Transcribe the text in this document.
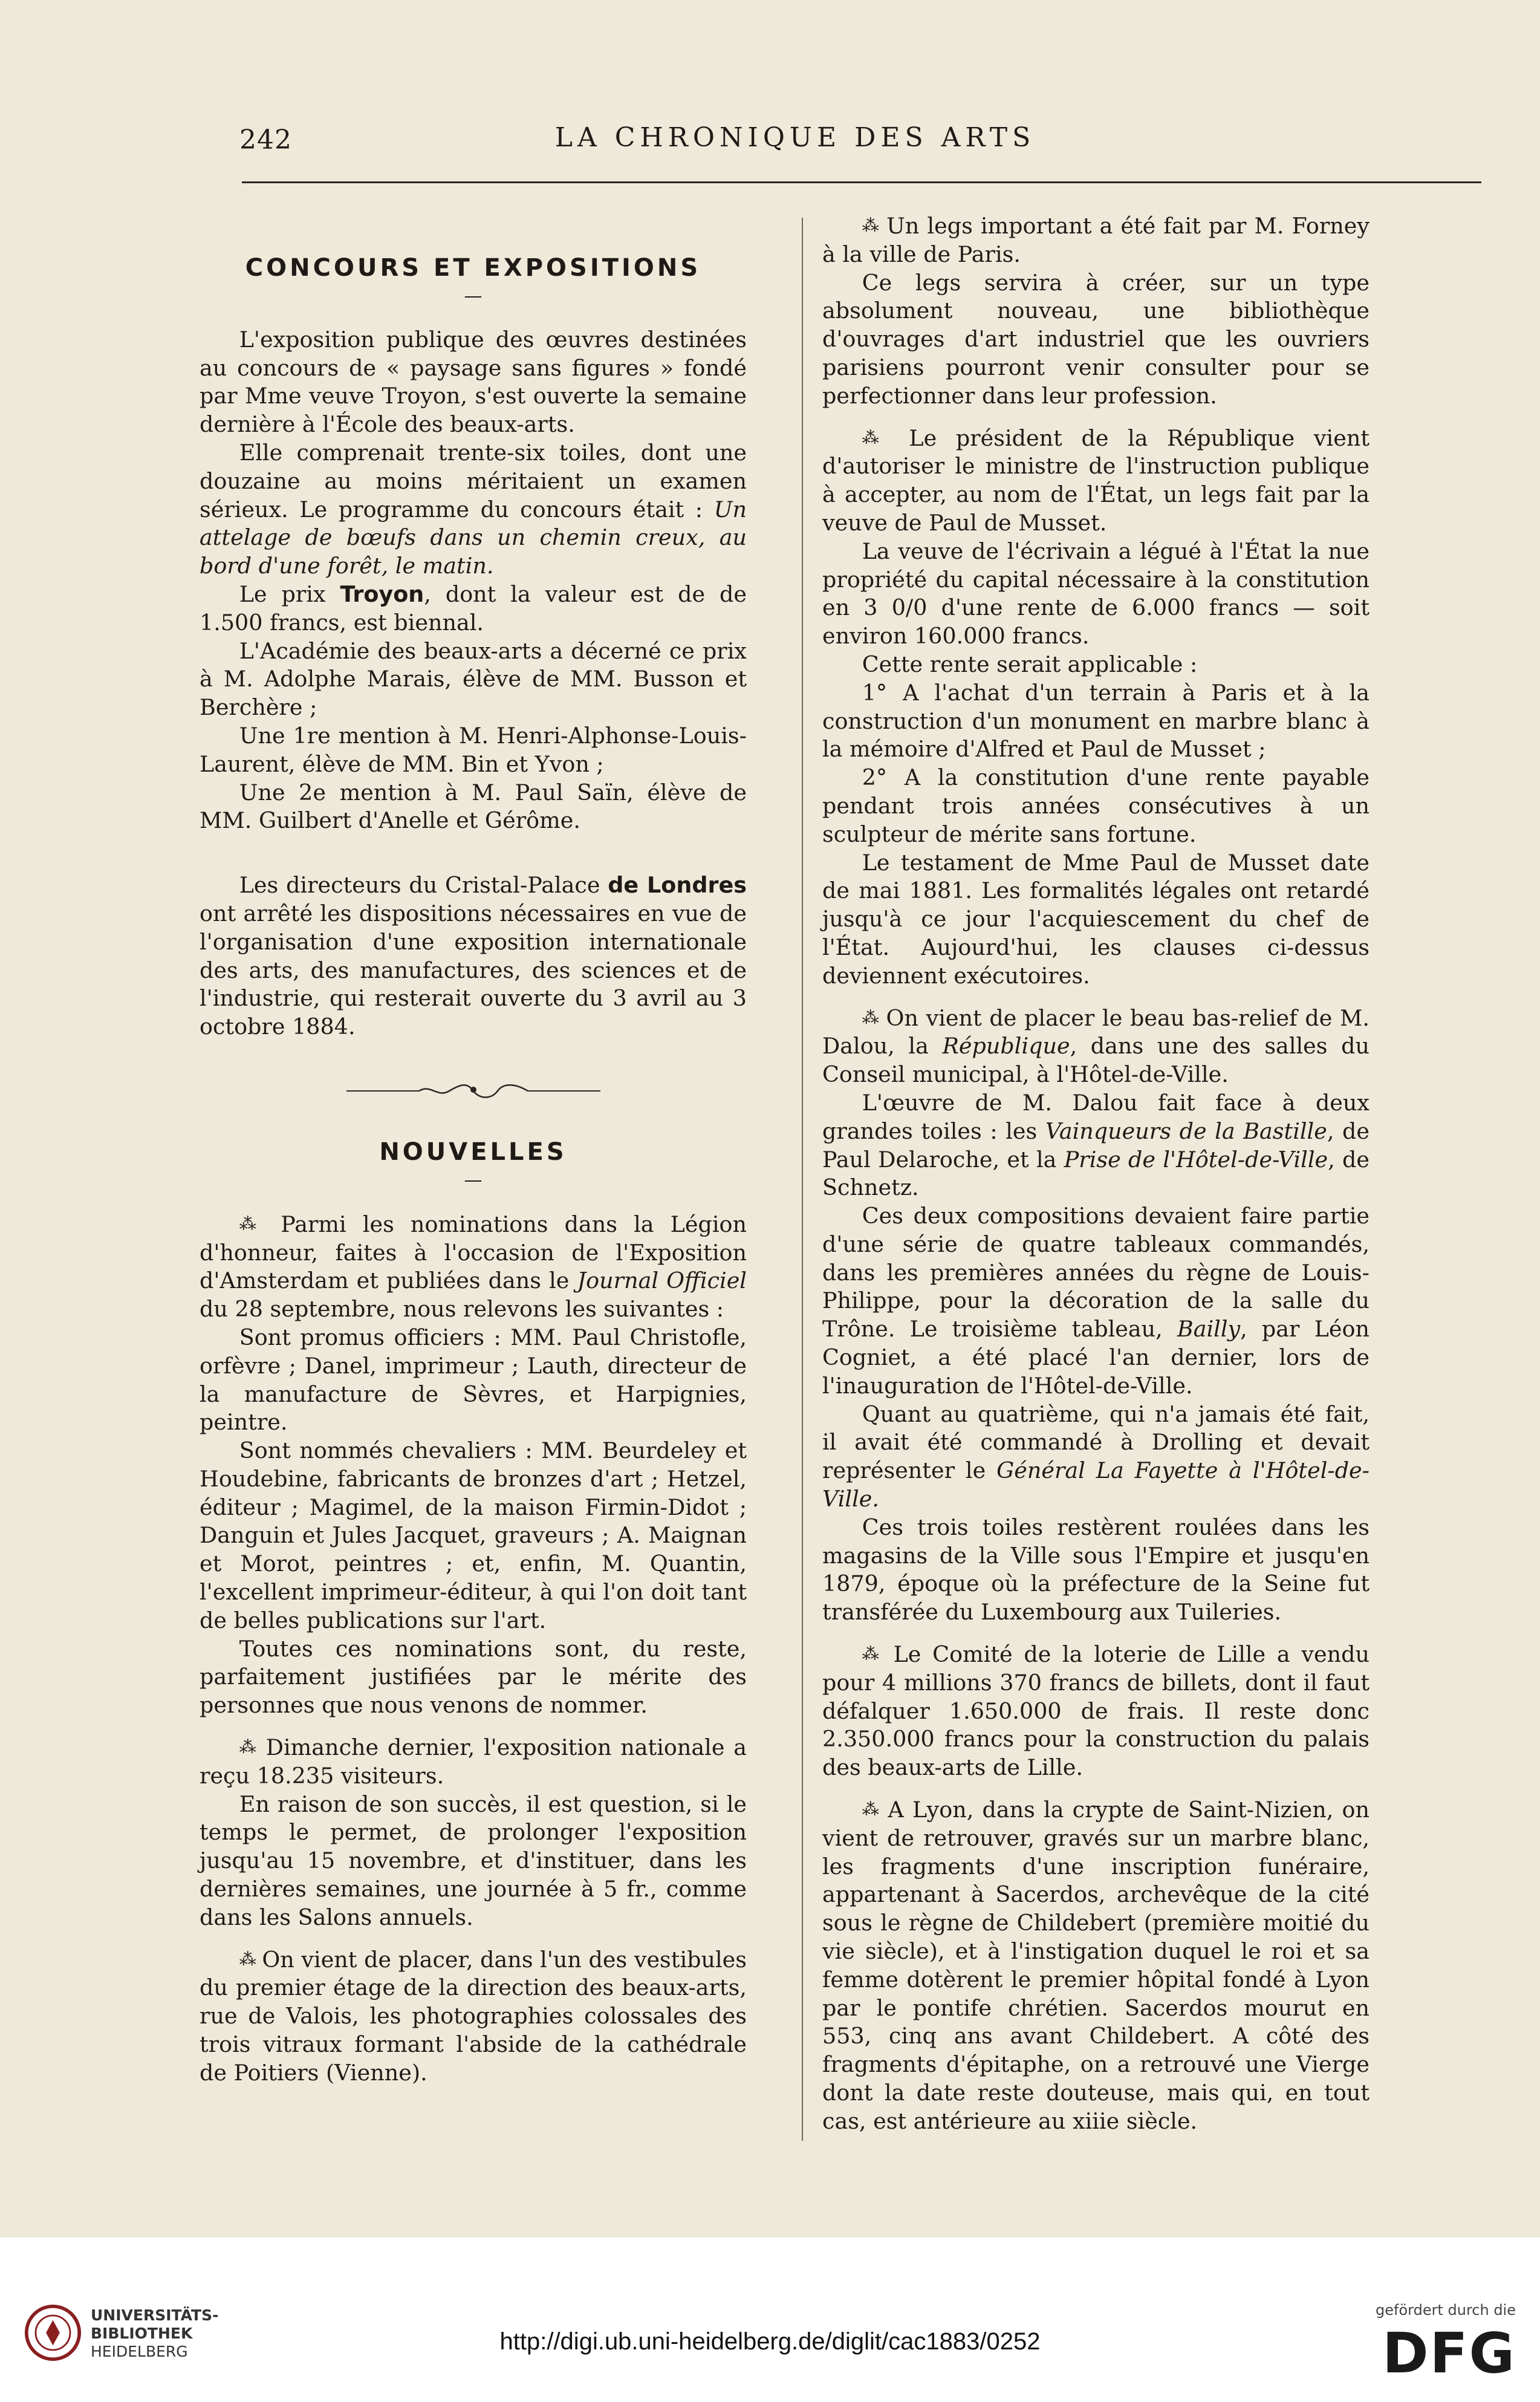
242	LA CHRONIQUE DES ARTS
CONCOURS ET EXPOSITIONS
—

L'exposition publique des œuvres destinées au concours de « paysage sans figures » fondé par Mme veuve Troyon, s'est ouverte la semaine dernière à l'École des beaux-arts.

Elle comprenait trente-six toiles, dont une douzaine au moins méritaient un examen sérieux. Le programme du concours était : Un attelage de bœufs dans un chemin creux, au bord d'une forêt, le matin.

Le prix Troyon, dont la valeur est de de 1.500 francs, est biennal.

L'Académie des beaux-arts a décerné ce prix à M. Adolphe Marais, élève de MM. Busson et Berchère ;

Une 1re mention à M. Henri-Alphonse-Louis-Laurent, élève de MM. Bin et Yvon ;

Une 2e mention à M. Paul Saïn, élève de MM. Guilbert d'Anelle et Gérôme.

Les directeurs du Cristal-Palace de Londres ont arrêté les dispositions nécessaires en vue de l'organisation d'une exposition internationale des arts, des manufactures, des sciences et de l'industrie, qui resterait ouverte du 3 avril au 3 octobre 1884.

NOUVELLES
—

⁂ Parmi les nominations dans la Légion d'honneur, faites à l'occasion de l'Exposition d'Amsterdam et publiées dans le Journal Officiel du 28 septembre, nous relevons les suivantes :

Sont promus officiers : MM. Paul Christofle, orfèvre ; Danel, imprimeur ; Lauth, directeur de la manufacture de Sèvres, et Harpignies, peintre.

Sont nommés chevaliers : MM. Beurdeley et Houdebine, fabricants de bronzes d'art ; Hetzel, éditeur ; Magimel, de la maison Firmin-Didot ; Danguin et Jules Jacquet, graveurs ; A. Maignan et Morot, peintres ; et, enfin, M. Quantin, l'excellent imprimeur-éditeur, à qui l'on doit tant de belles publications sur l'art.

Toutes ces nominations sont, du reste, parfaitement justifiées par le mérite des personnes que nous venons de nommer.

⁂ Dimanche dernier, l'exposition nationale a reçu 18.235 visiteurs.

En raison de son succès, il est question, si le temps le permet, de prolonger l'exposition jusqu'au 15 novembre, et d'instituer, dans les dernières semaines, une journée à 5 fr., comme dans les Salons annuels.

⁂ On vient de placer, dans l'un des vestibules du premier étage de la direction des beaux-arts, rue de Valois, les photographies colossales des trois vitraux formant l'abside de la cathédrale de Poitiers (Vienne).

⁂ Un legs important a été fait par M. Forney à la ville de Paris.

Ce legs servira à créer, sur un type absolument nouveau, une bibliothèque d'ouvrages d'art industriel que les ouvriers parisiens pourront venir consulter pour se perfectionner dans leur profession.

⁂ Le président de la République vient d'autoriser le ministre de l'instruction publique à accepter, au nom de l'État, un legs fait par la veuve de Paul de Musset.

La veuve de l'écrivain a légué à l'État la nue propriété du capital nécessaire à la constitution en 3 0/0 d'une rente de 6.000 francs — soit environ 160.000 francs.

Cette rente serait applicable :

1° A l'achat d'un terrain à Paris et à la construction d'un monument en marbre blanc à la mémoire d'Alfred et Paul de Musset ;

2° A la constitution d'une rente payable pendant trois années consécutives à un sculpteur de mérite sans fortune.

Le testament de Mme Paul de Musset date de mai 1881. Les formalités légales ont retardé jusqu'à ce jour l'acquiescement du chef de l'État. Aujourd'hui, les clauses ci-dessus deviennent exécutoires.

⁂ On vient de placer le beau bas-relief de M. Dalou, la République, dans une des salles du Conseil municipal, à l'Hôtel-de-Ville.

L'œuvre de M. Dalou fait face à deux grandes toiles : les Vainqueurs de la Bastille, de Paul Delaroche, et la Prise de l'Hôtel-de-Ville, de Schnetz.

Ces deux compositions devaient faire partie d'une série de quatre tableaux commandés, dans les premières années du règne de Louis-Philippe, pour la décoration de la salle du Trône. Le troisième tableau, Bailly, par Léon Cogniet, a été placé l'an dernier, lors de l'inauguration de l'Hôtel-de-Ville.

Quant au quatrième, qui n'a jamais été fait, il avait été commandé à Drolling et devait représenter le Général La Fayette à l'Hôtel-de-Ville.

Ces trois toiles restèrent roulées dans les magasins de la Ville sous l'Empire et jusqu'en 1879, époque où la préfecture de la Seine fut transférée du Luxembourg aux Tuileries.

⁂ Le Comité de la loterie de Lille a vendu pour 4 millions 370 francs de billets, dont il faut défalquer 1.650.000 de frais. Il reste donc 2.350.000 francs pour la construction du palais des beaux-arts de Lille.

⁂ A Lyon, dans la crypte de Saint-Nizien, on vient de retrouver, gravés sur un marbre blanc, les fragments d'une inscription funéraire, appartenant à Sacerdos, archevêque de la cité sous le règne de Childebert (première moitié du vie siècle), et à l'instigation duquel le roi et sa femme dotèrent le premier hôpital fondé à Lyon par le pontife chrétien. Sacerdos mourut en 553, cinq ans avant Childebert. A côté des fragments d'épitaphe, on a retrouvé une Vierge dont la date reste douteuse, mais qui, en tout cas, est antérieure au xiiie siècle.

UNIVERSITÄTS-
BIBLIOTHEK
HEIDELBERG	http://digi.ub.uni-heidelberg.de/diglit/cac1883/0252
gefördert durch die
DFG
